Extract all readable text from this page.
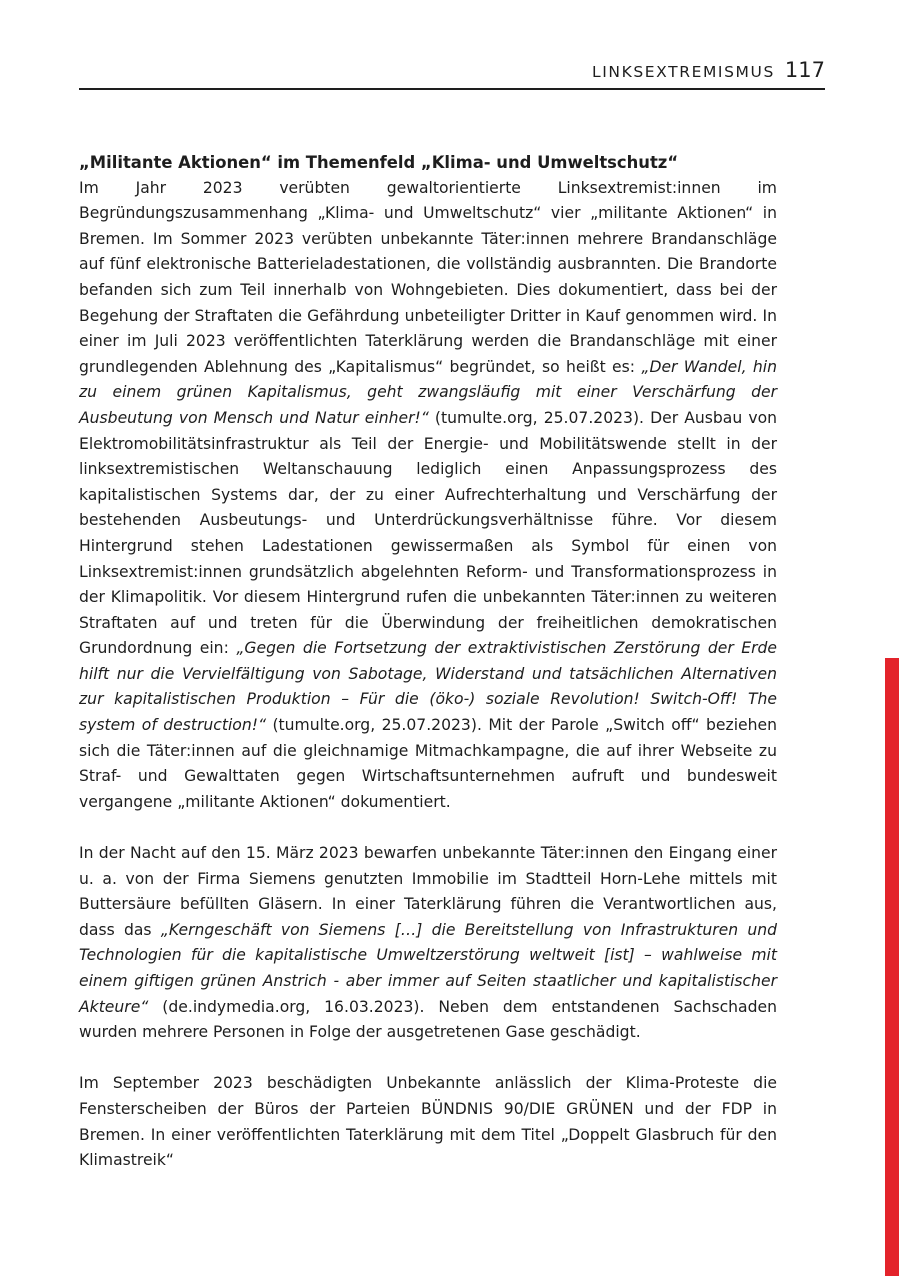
LINKSEXTREMISMUS 117
„Militante Aktionen“ im Themenfeld „Klima- und Umweltschutz“

Im Jahr 2023 verübten gewaltorientierte Linksextremist:innen im Begründungszusammenhang „Klima- und Umweltschutz“ vier „militante Aktionen“ in Bremen. Im Sommer 2023 verübten unbekannte Täter:innen mehrere Brandanschläge auf fünf elektronische Batterieladestationen, die vollständig ausbrannten. Die Brandorte befanden sich zum Teil innerhalb von Wohngebieten. Dies dokumentiert, dass bei der Begehung der Straftaten die Gefährdung unbeteiligter Dritter in Kauf genommen wird. In einer im Juli 2023 veröffentlichten Taterklärung werden die Brandanschläge mit einer grundlegenden Ablehnung des „Kapitalismus“ begründet, so heißt es: „Der Wandel, hin zu einem grünen Kapitalismus, geht zwangsläufig mit einer Verschärfung der Ausbeutung von Mensch und Natur einher!“ (tumulte.org, 25.07.2023). Der Ausbau von Elektromobilitätsinfrastruktur als Teil der Energie- und Mobilitätswende stellt in der linksextremistischen Weltanschauung lediglich einen Anpassungsprozess des kapitalistischen Systems dar, der zu einer Aufrechterhaltung und Verschärfung der bestehenden Ausbeutungs- und Unterdrückungsverhältnisse führe. Vor diesem Hintergrund stehen Ladestationen gewissermaßen als Symbol für einen von Linksextremist:innen grundsätzlich abgelehnten Reform- und Transformationsprozess in der Klimapolitik. Vor diesem Hintergrund rufen die unbekannten Täter:innen zu weiteren Straftaten auf und treten für die Überwindung der freiheitlichen demokratischen Grundordnung ein: „Gegen die Fortsetzung der extraktivistischen Zerstörung der Erde hilft nur die Vervielfältigung von Sabotage, Widerstand und tatsächlichen Alternativen zur kapitalistischen Produktion – Für die (öko-) soziale Revolution! Switch-Off! The system of destruction!“ (tumulte.org, 25.07.2023). Mit der Parole „Switch off“ beziehen sich die Täter:innen auf die gleichnamige Mitmachkampagne, die auf ihrer Webseite zu Straf- und Gewalttaten gegen Wirtschaftsunternehmen aufruft und bundesweit vergangene „militante Aktionen“ dokumentiert.

In der Nacht auf den 15. März 2023 bewarfen unbekannte Täter:innen den Eingang einer u. a. von der Firma Siemens genutzten Immobilie im Stadtteil Horn-Lehe mittels mit Buttersäure befüllten Gläsern. In einer Taterklärung führen die Verantwortlichen aus, dass das „Kerngeschäft von Siemens […] die Bereitstellung von Infrastrukturen und Technologien für die kapitalistische Umweltzerstörung weltweit [ist] – wahlweise mit einem giftigen grünen Anstrich - aber immer auf Seiten staatlicher und kapitalistischer Akteure“ (de.indymedia.org, 16.03.2023). Neben dem entstandenen Sachschaden wurden mehrere Personen in Folge der ausgetretenen Gase geschädigt.

Im September 2023 beschädigten Unbekannte anlässlich der Klima-Proteste die Fensterscheiben der Büros der Parteien BÜNDNIS 90/DIE GRÜNEN und der FDP in Bremen. In einer veröffentlichten Taterklärung mit dem Titel „Doppelt Glasbruch für den Klimastreik“
